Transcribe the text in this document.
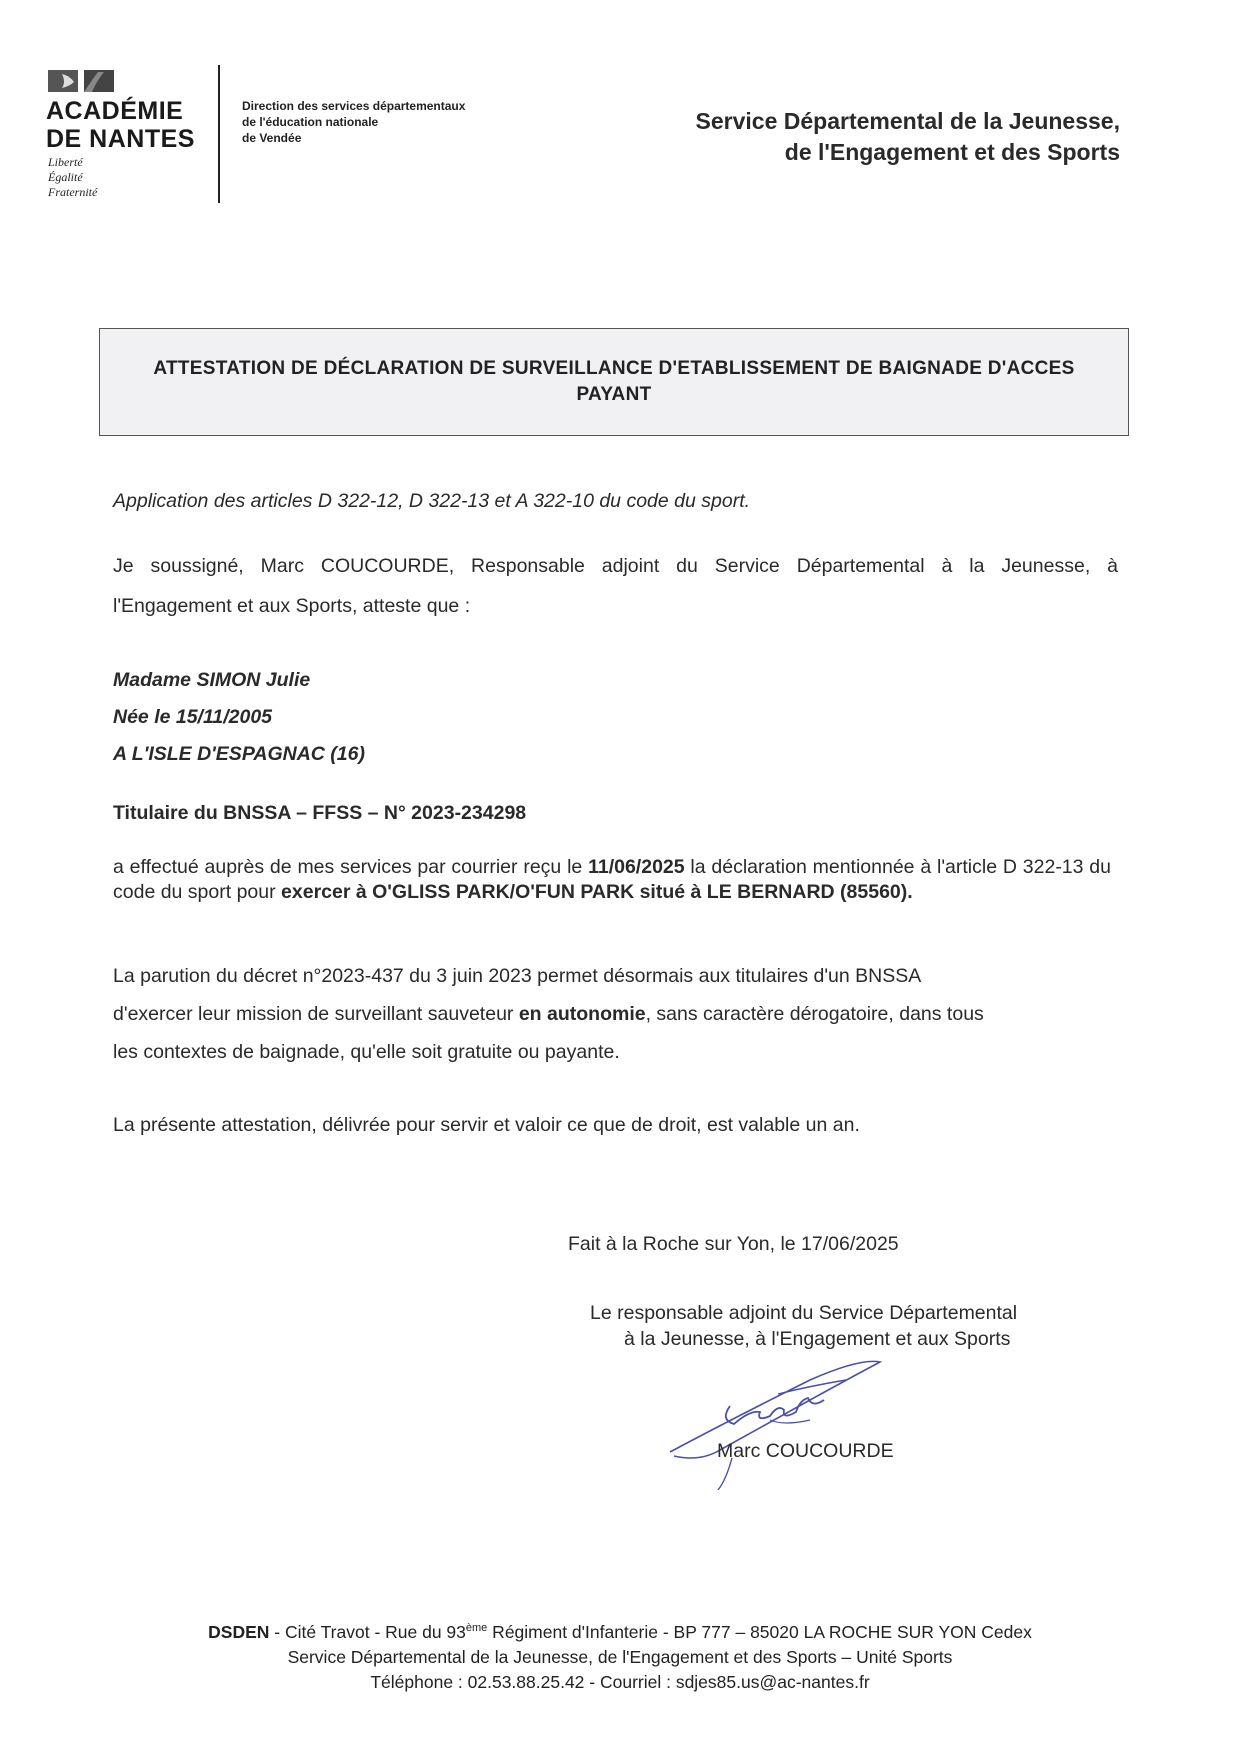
ACADÉMIE
DE NANTES
Liberté
Égalité
Fraternité
Direction des services départementaux
de l'éducation nationale
de Vendée
Service Départemental de la Jeunesse,
de l'Engagement et des Sports
ATTESTATION DE DÉCLARATION DE SURVEILLANCE D'ETABLISSEMENT DE BAIGNADE D'ACCES
PAYANT
Application des articles D 322-12, D 322-13 et A 322-10 du code du sport.
Je soussigné, Marc COUCOURDE, Responsable adjoint du Service Départemental à la Jeunesse, à
l'Engagement et aux Sports, atteste que :
Madame SIMON Julie
Née le 15/11/2005
A L'ISLE D'ESPAGNAC (16)
Titulaire du BNSSA – FFSS – N° 2023-234298
a effectué auprès de mes services par courrier reçu le 11/06/2025 la déclaration mentionnée à l'article D 322-13 du code du sport pour exercer à O'GLISS PARK/O'FUN PARK situé à LE BERNARD (85560).
La parution du décret n°2023-437 du 3 juin 2023 permet désormais aux titulaires d'un BNSSA
d'exercer leur mission de surveillant sauveteur en autonomie, sans caractère dérogatoire, dans tous
les contextes de baignade, qu'elle soit gratuite ou payante.
La présente attestation, délivrée pour servir et valoir ce que de droit, est valable un an.
Fait à la Roche sur Yon, le 17/06/2025
Le responsable adjoint du Service Départemental
à la Jeunesse, à l'Engagement et aux Sports
Marc COUCOURDE
DSDEN - Cité Travot - Rue du 93ème Régiment d'Infanterie - BP 777 – 85020 LA ROCHE SUR YON Cedex
Service Départemental de la Jeunesse, de l'Engagement et des Sports – Unité Sports
Téléphone : 02.53.88.25.42 - Courriel : sdjes85.us@ac-nantes.fr
